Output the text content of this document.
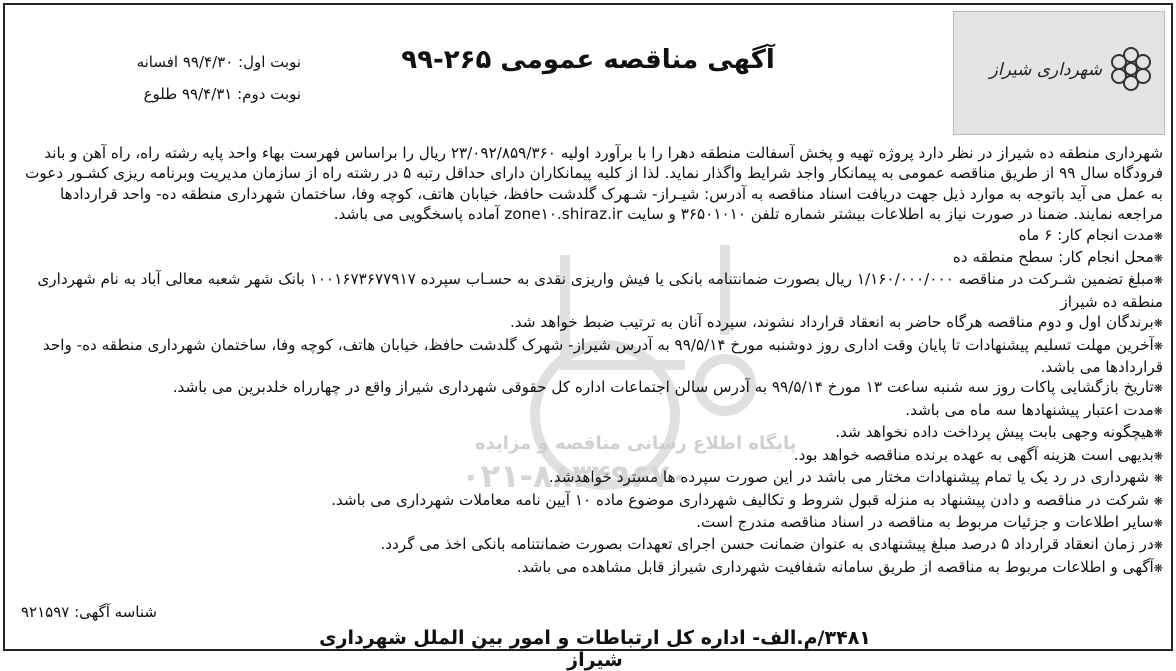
شهرداری شیراز
آگهی مناقصه عمومی ۲۶۵-۹۹
نوبت اول: ۹۹/۴/۳۰ افسانه
نوبت دوم: ۹۹/۴/۳۱ طلوع
پایگاه اطلاع رسانی مناقصه و مزایده
۰۲۱-۸۸۳۴۹۶۷۰

شهرداری منطقه ده شیراز در نظر دارد پروژه تهیه و پخش آسفالت منطقه دهرا را با برآورد اولیه ۲۳/۰۹۲/۸۵۹/۳۶۰ ریال را براساس فهرست بهاء واحد پایه رشته راه، راه آهن و باند فرودگاه سال ۹۹ از طریق مناقصه عمومی به پیمانکار واجد شرایط واگذار نماید. لذا از کلیه پیمانکاران دارای حداقل رتبه ۵ در رشته راه از سازمان مدیریت وبرنامه ریزی کشـور دعوت به عمل می آید باتوجه به موارد ذیل جهت دریافت اسناد مناقصه به آدرس: شیـراز- شـهرک گلدشت حافظ، خیابان هاتف، کوچه وفا، ساختمان شهرداری منطقه ده- واحد قراردادها مراجعه نمایند. ضمنا در صورت نیاز به اطلاعات بیشتر شماره تلفن ۳۶۵۰۱۰۱۰ و سایت zone۱۰.shiraz.ir آماده پاسخگویی می باشد.

❋ مدت انجام کار: ۶ ماه

❋ محل انجام کار: سطح منطقه ده

❋ مبلغ تضمین شـرکت در مناقصه ۱/۱۶۰/۰۰۰/۰۰۰ ریال بصورت ضمانتنامه بانکی یا فیش واریزی نقدی به حسـاب سپرده ۱۰۰۱۶۷۳۶۷۷۹۱۷ بانک شهر شعبه معالی آباد به نام شهرداری منطقه ده شیراز

❋ برندگان اول و دوم مناقصه هرگاه حاضر به انعقاد قرارداد نشوند، سپرده آنان به ترتیب ضبط خواهد شد.

❋ آخرین مهلت تسلیم پیشنهادات تا پایان وقت اداری روز دوشنبه مورخ ۹۹/۵/۱۴ به آدرس شیراز- شهرک گلدشت حافظ، خیابان هاتف، کوچه وفا، ساختمان شهرداری منطقه ده- واحد قراردادها می باشد.

❋ تاریخ بازگشایی پاکات روز سه شنبه ساعت ۱۳ مورخ ۹۹/۵/۱۴ به آدرس سالن اجتماعات اداره کل حقوقی شهرداری شیراز واقع در چهارراه خلدبرین می باشد.

❋ مدت اعتبار پیشنهادها سه ماه می باشد.

❋ هیچگونه وجهی بابت پیش پرداخت داده نخواهد شد.

❋ بدیهی است هزینه آگهی به عهده برنده مناقصه خواهد بود.

❋ شهرداری در رد یک یا تمام پیشنهادات مختار می باشد در این صورت سپرده ها مسترد خواهدشد.

❋ شرکت در مناقصه و دادن پیشنهاد به منزله قبول شروط و تکالیف شهرداری موضوع ماده ۱۰ آیین نامه معاملات شهرداری می باشد.

❋ سایر اطلاعات و جزئیات مربوط به مناقصه در اسناد مناقصه مندرج است.

❋ در زمان انعقاد قرارداد ۵ درصد مبلغ پیشنهادی به عنوان ضمانت حسن اجرای تعهدات بصورت ضمانتنامه بانکی اخذ می گردد.

❋ آگهی و اطلاعات مربوط به مناقصه از طریق سامانه شفافیت شهرداری شیراز قابل مشاهده می باشد.

شناسه آگهی: ۹۲۱۵۹۷
۳۴۸۱/م.الف- اداره کل ارتباطات و امور بین الملل شهرداری شیراز
